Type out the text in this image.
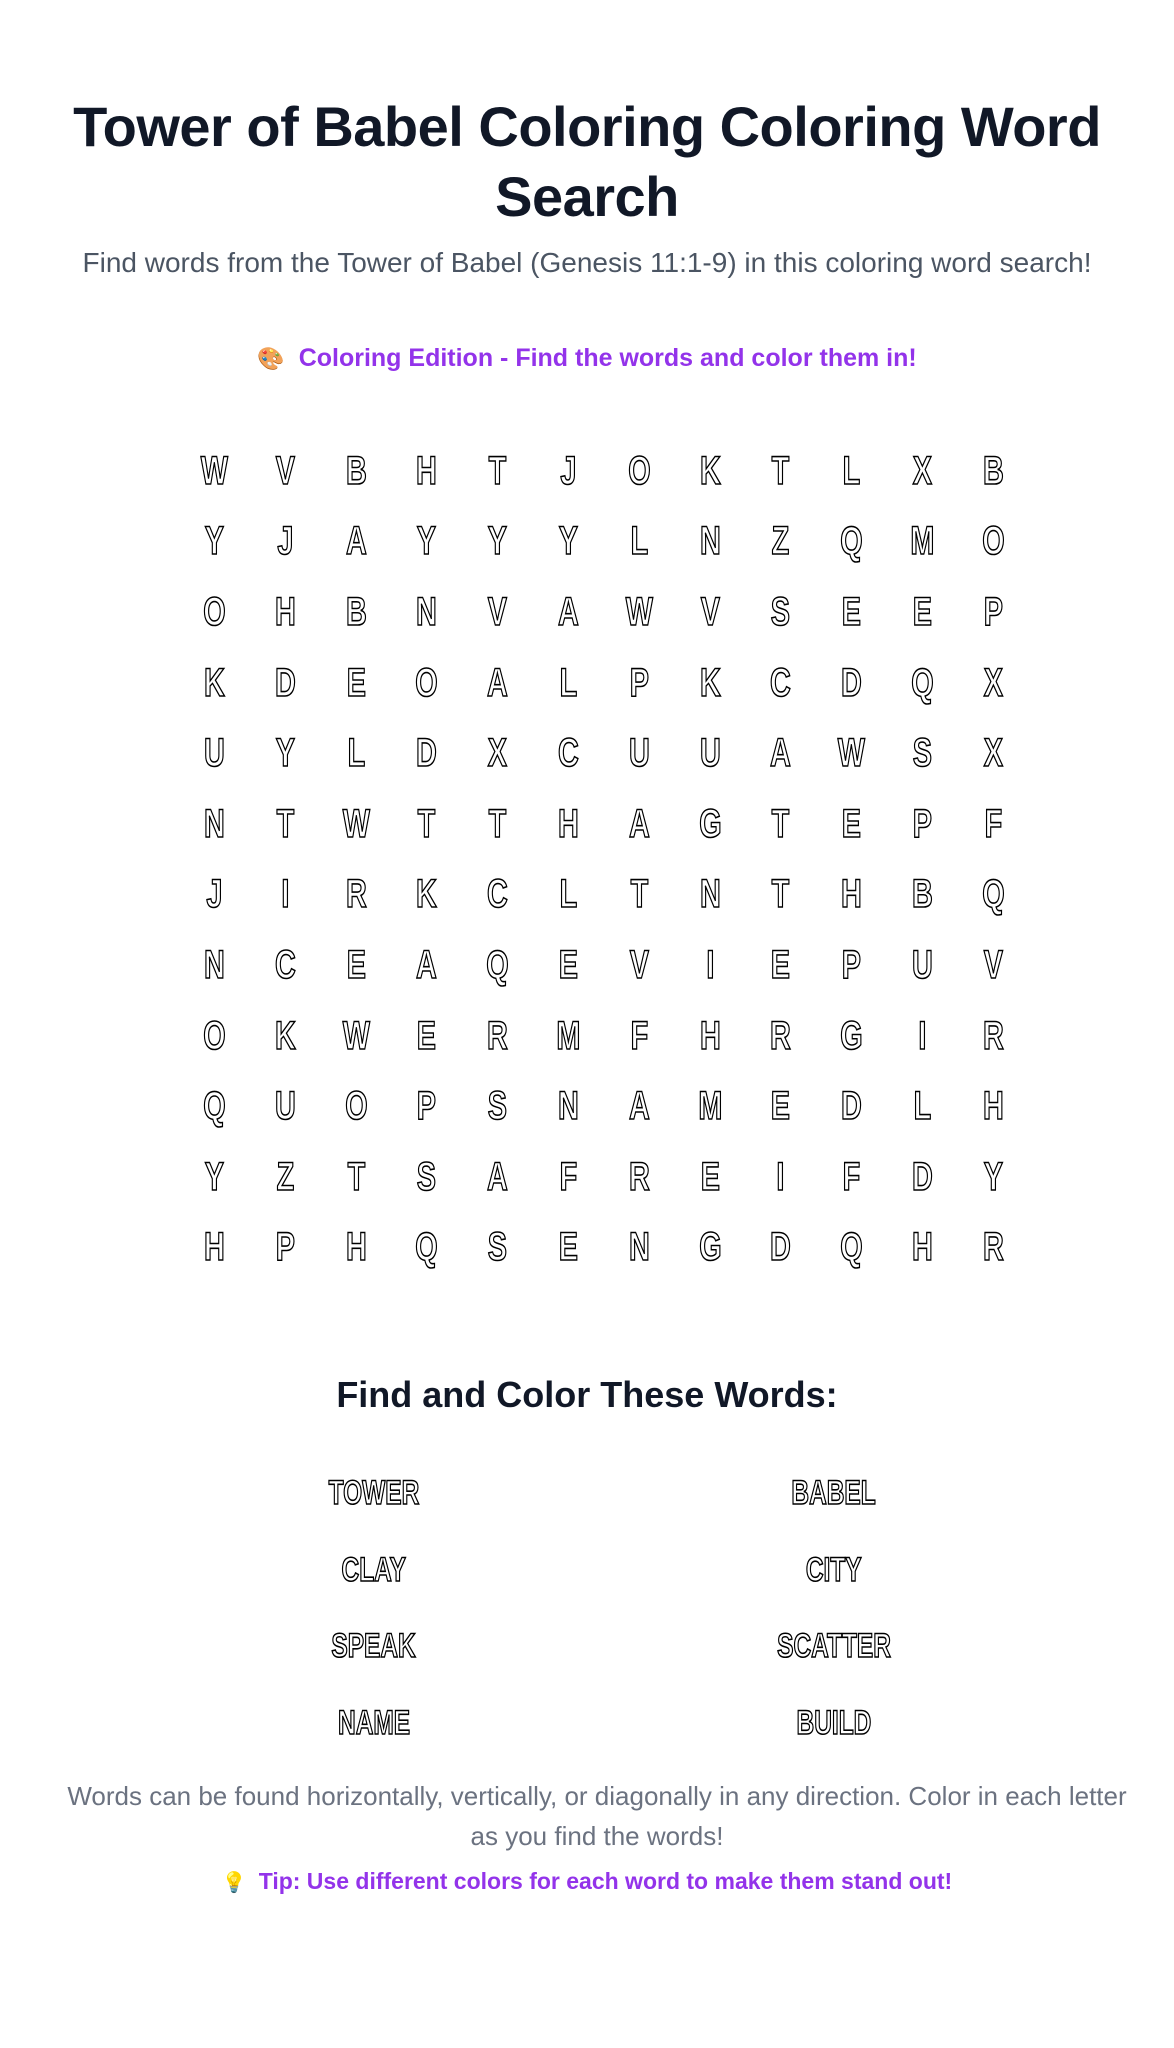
Tower of Babel Coloring Coloring Word Search
Find words from the Tower of Babel (Genesis 11:1-9) in this coloring word search!
🎨 Coloring Edition - Find the words and color them in!
W	V	B	H	T	J	O	K	T	L	X	B
Y	J	A	Y	Y	Y	L	N	Z	Q	M	O
O	H	B	N	V	A	W	V	S	E	E	P
K	D	E	O	A	L	P	K	C	D	Q	X
U	Y	L	D	X	C	U	U	A	W	S	X
N	T	W	T	T	H	A	G	T	E	P	F
J	I	R	K	C	L	T	N	T	H	B	Q
N	C	E	A	Q	E	V	I	E	P	U	V
O	K	W	E	R	M	F	H	R	G	I	R
Q	U	O	P	S	N	A	M	E	D	L	H
Y	Z	T	S	A	F	R	E	I	F	D	Y
H	P	H	Q	S	E	N	G	D	Q	H	R
Find and Color These Words:
TOWER	BABEL
CLAY	CITY
SPEAK	SCATTER
NAME	BUILD
Words can be found horizontally, vertically, or diagonally in any direction. Color in each letter as you find the words!
💡 Tip: Use different colors for each word to make them stand out!
